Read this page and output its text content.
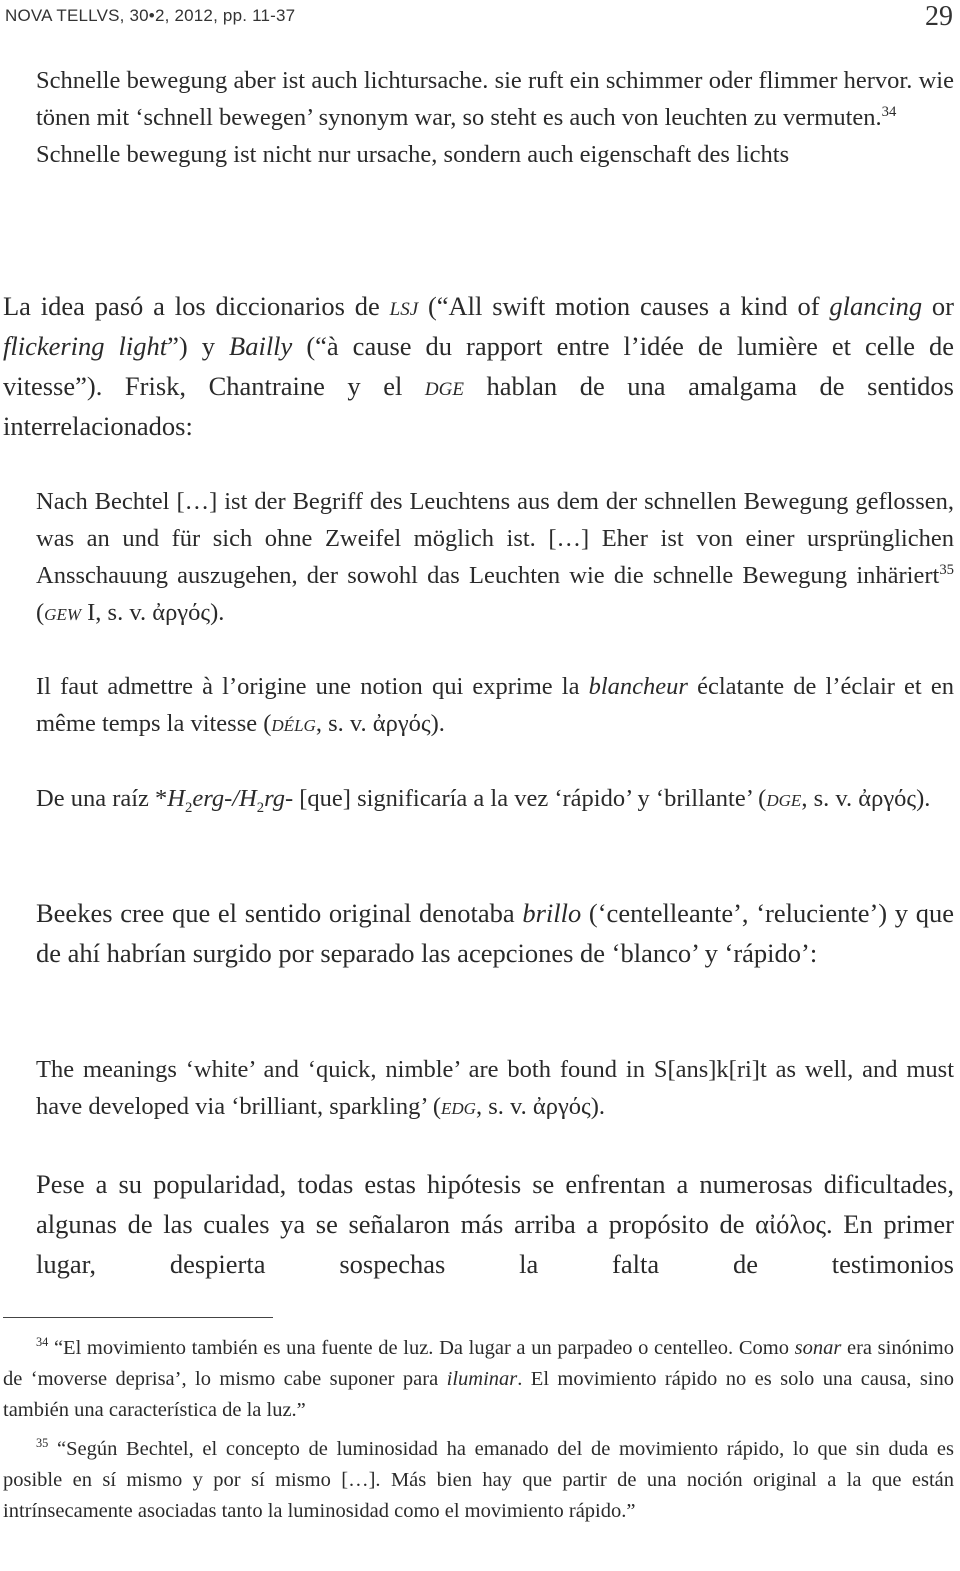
NOVA TELLVS, 30•2, 2012, pp. 11-37	29
Schnelle bewegung aber ist auch lichtursache. sie ruft ein schimmer oder flimmer hervor. wie tönen mit ‘schnell bewegen’ synonym war, so steht es auch von leuchten zu vermuten.$^{34}$
Schnelle bewegung ist nicht nur ursache, sondern auch eigenschaft des lichts
La idea pasó a los diccionarios de lsj (“All swift motion causes a kind of glancing or flickering light”) y Bailly (“à cause du rapport entre l’idée de lumière et celle de vitesse”). Frisk, Chantraine y el dge hablan de una amalgama de sentidos interrelacionados:
Nach Bechtel […] ist der Begriff des Leuchtens aus dem der schnellen Bewegung geflossen, was an und für sich ohne Zweifel möglich ist. […] Eher ist von einer ursprünglichen Ansschauung auszugehen, der sowohl das Leuchten wie die schnelle Bewegung inhäriert$^{35}$ (gew I, s. v. ἀργός).
Il faut admettre à l’origine une notion qui exprime la blancheur éclatante de l’éclair et en même temps la vitesse (délg, s. v. ἀργός).
De una raíz $*H_2erg-/H_2rg-$ [que] significaría a la vez ‘rápido’ y ‘brillante’ (dge, s. v. ἀργός).
Beekes cree que el sentido original denotaba brillo (‘centelleante’, ‘reluciente’) y que de ahí habrían surgido por separado las acepciones de ‘blanco’ y ‘rápido’:
The meanings ‘white’ and ‘quick, nimble’ are both found in S[ans]k[ri]t as well, and must have developed via ‘brilliant, sparkling’ (edg, s. v. ἀργός).
Pese a su popularidad, todas estas hipótesis se enfrentan a numerosas dificultades, algunas de las cuales ya se señalaron más arriba a propósito de αἰόλος. En primer lugar, despierta sospechas la falta de testimonios
$^{34}$ “El movimiento también es una fuente de luz. Da lugar a un parpadeo o centelleo. Como sonar era sinónimo de ‘moverse deprisa’, lo mismo cabe suponer para iluminar. El movimiento rápido no es solo una causa, sino también una característica de la luz.”
$^{35}$ “Según Bechtel, el concepto de luminosidad ha emanado del de movimiento rápido, lo que sin duda es posible en sí mismo y por sí mismo […]. Más bien hay que partir de una noción original a la que están intrínsecamente asociadas tanto la luminosidad como el movimiento rápido.”
